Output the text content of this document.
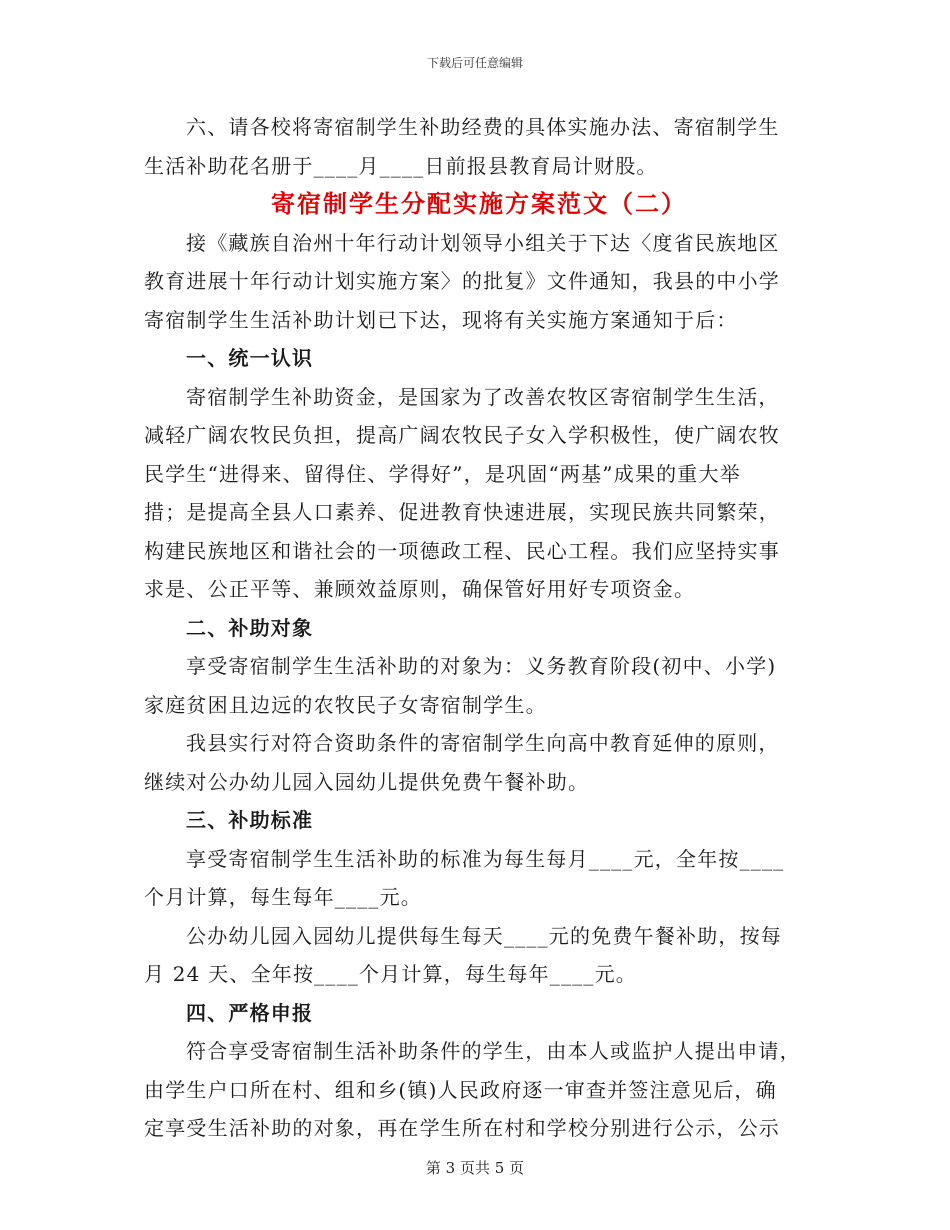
下载后可任意编辑
六、请各校将寄宿制学生补助经费的具体实施办法、寄宿制学生
生活补助花名册于____月____日前报县教育局计财股。
寄宿制学生分配实施方案范文（二）
接《藏族自治州十年行动计划领导小组关于下达〈度省民族地区
教育进展十年行动计划实施方案〉的批复》文件通知，我县的中小学
寄宿制学生生活补助计划已下达，现将有关实施方案通知于后：
一、统一认识
寄宿制学生补助资金，是国家为了改善农牧区寄宿制学生生活，
减轻广阔农牧民负担，提高广阔农牧民子女入学积极性，使广阔农牧
民学生“进得来、留得住、学得好”，是巩固“两基”成果的重大举
措；是提高全县人口素养、促进教育快速进展，实现民族共同繁荣，
构建民族地区和谐社会的一项德政工程、民心工程。我们应坚持实事
求是、公正平等、兼顾效益原则，确保管好用好专项资金。
二、补助对象
享受寄宿制学生生活补助的对象为：义务教育阶段(初中、小学)
家庭贫困且边远的农牧民子女寄宿制学生。
我县实行对符合资助条件的寄宿制学生向高中教育延伸的原则，
继续对公办幼儿园入园幼儿提供免费午餐补助。
三、补助标准
享受寄宿制学生生活补助的标准为每生每月____元，全年按____
个月计算，每生每年____元。
公办幼儿园入园幼儿提供每生每天____元的免费午餐补助，按每
月 24 天、全年按____个月计算，每生每年____元。
四、严格申报
符合享受寄宿制生活补助条件的学生，由本人或监护人提出申请，
由学生户口所在村、组和乡(镇)人民政府逐一审查并签注意见后，确
定享受生活补助的对象，再在学生所在村和学校分别进行公示，公示
第 3 页共 5 页
